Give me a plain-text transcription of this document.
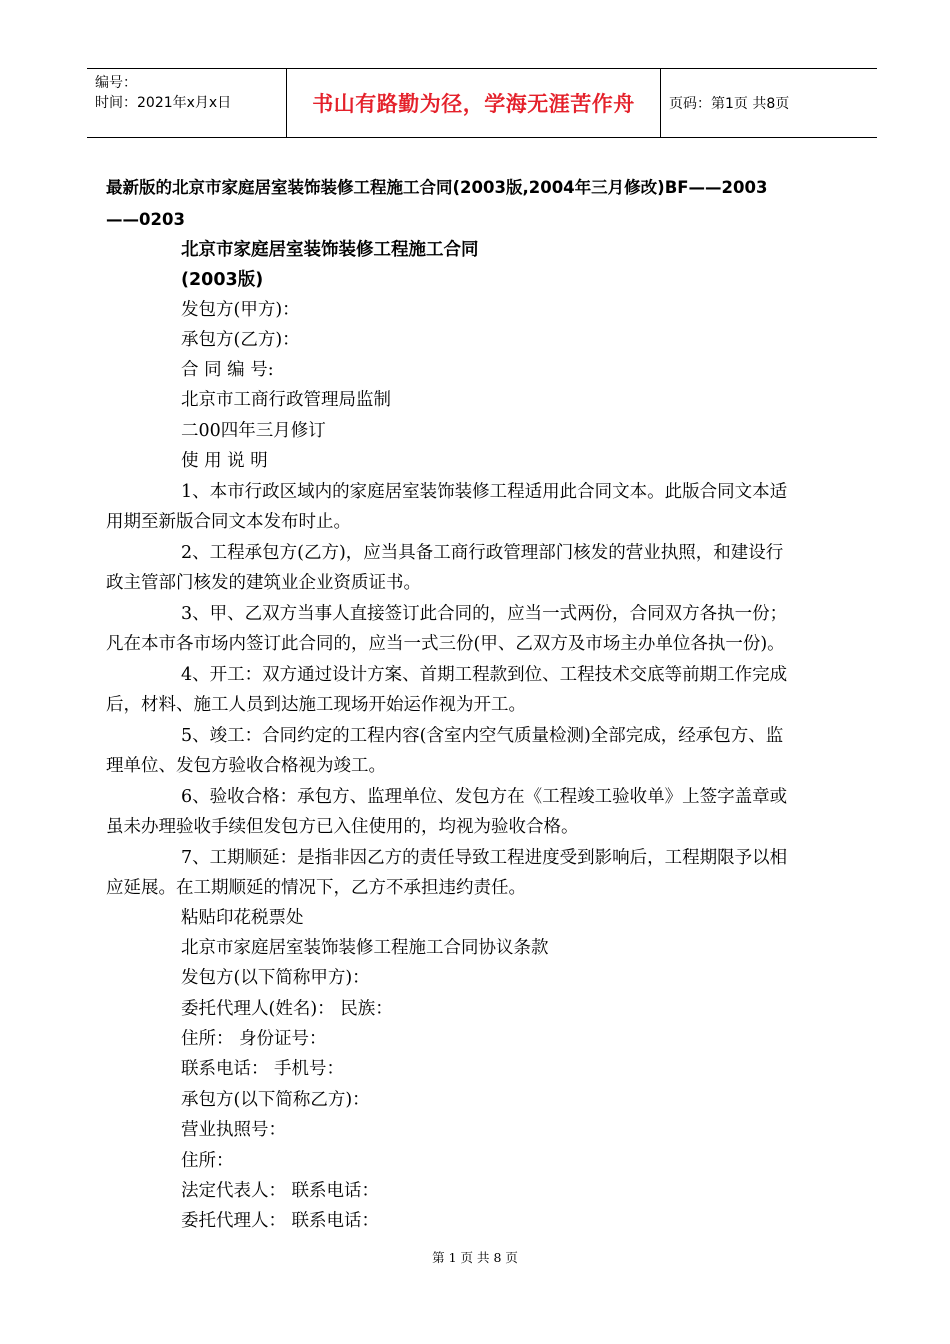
编号：
时间：2021年x月x日	书山有路勤为径，学海无涯苦作舟	页码：第1页 共8页
最新版的北京市家庭居室装饰装修工程施工合同(2003版,2004年三月修改)BF——2003
——0203
北京市家庭居室装饰装修工程施工合同
(2003版)
发包方(甲方)：
承包方(乙方)：
合 同 编 号:
北京市工商行政管理局监制
二00四年三月修订
使 用 说 明
1、本市行政区域内的家庭居室装饰装修工程适用此合同文本。此版合同文本适
用期至新版合同文本发布时止。
2、工程承包方(乙方)，应当具备工商行政管理部门核发的营业执照，和建设行
政主管部门核发的建筑业企业资质证书。
3、甲、乙双方当事人直接签订此合同的，应当一式两份，合同双方各执一份；
凡在本市各市场内签订此合同的，应当一式三份(甲、乙双方及市场主办单位各执一份)。
4、开工：双方通过设计方案、首期工程款到位、工程技术交底等前期工作完成
后，材料、施工人员到达施工现场开始运作视为开工。
5、竣工：合同约定的工程内容(含室内空气质量检测)全部完成，经承包方、监
理单位、发包方验收合格视为竣工。
6、验收合格：承包方、监理单位、发包方在《工程竣工验收单》上签字盖章或
虽未办理验收手续但发包方已入住使用的，均视为验收合格。
7、工期顺延：是指非因乙方的责任导致工程进度受到影响后，工程期限予以相
应延展。在工期顺延的情况下，乙方不承担违约责任。
粘贴印花税票处
北京市家庭居室装饰装修工程施工合同协议条款
发包方(以下简称甲方)：
委托代理人(姓名)： 民族：
住所： 身份证号：
联系电话： 手机号：
承包方(以下简称乙方)：
营业执照号：
住所：
法定代表人： 联系电话：
委托代理人： 联系电话：
第 1 页 共 8 页
